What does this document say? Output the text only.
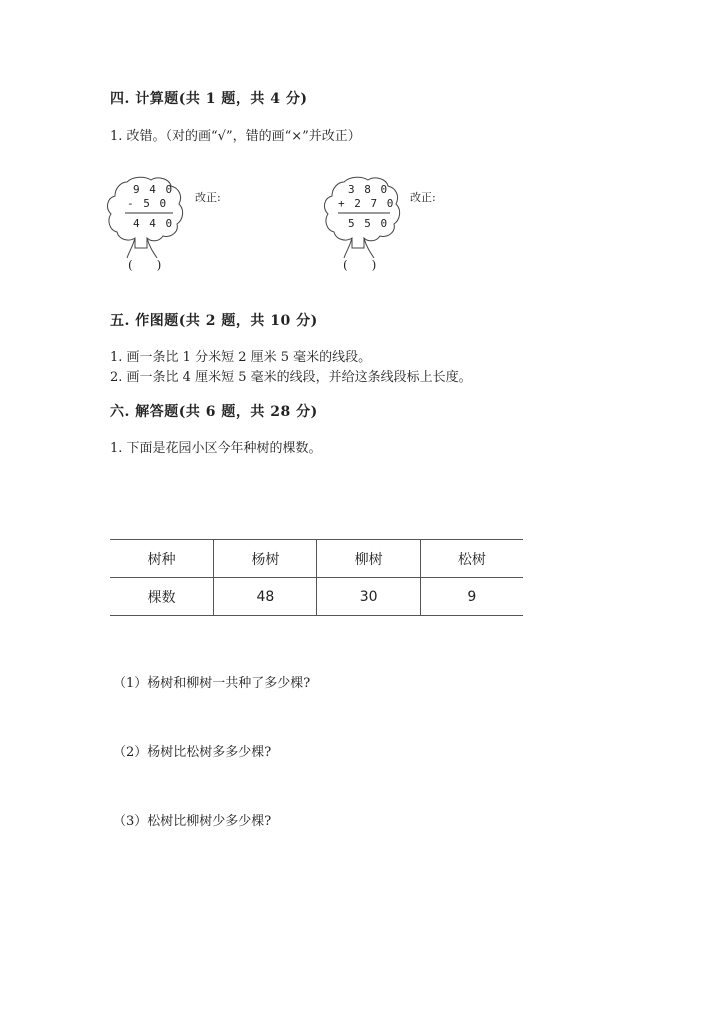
四. 计算题(共 1 题，共 4 分)
1. 改错。（对的画“√”，错的画“×”并改正）
9 4 0
- 5 0
4 4 0
(　　)
改正:
3 8 0
+ 2 7 0
5 5 0
(　　)
改正:
五. 作图题(共 2 题，共 10 分)
1. 画一条比 1 分米短 2 厘米 5 毫米的线段。
2. 画一条比 4 厘米短 5 毫米的线段，并给这条线段标上长度。
六. 解答题(共 6 题，共 28 分)
1. 下面是花园小区今年种树的棵数。
树种	杨树	柳树	松树
棵数	48	30	9
（1）杨树和柳树一共种了多少棵?
（2）杨树比松树多多少棵?
（3）松树比柳树少多少棵?
